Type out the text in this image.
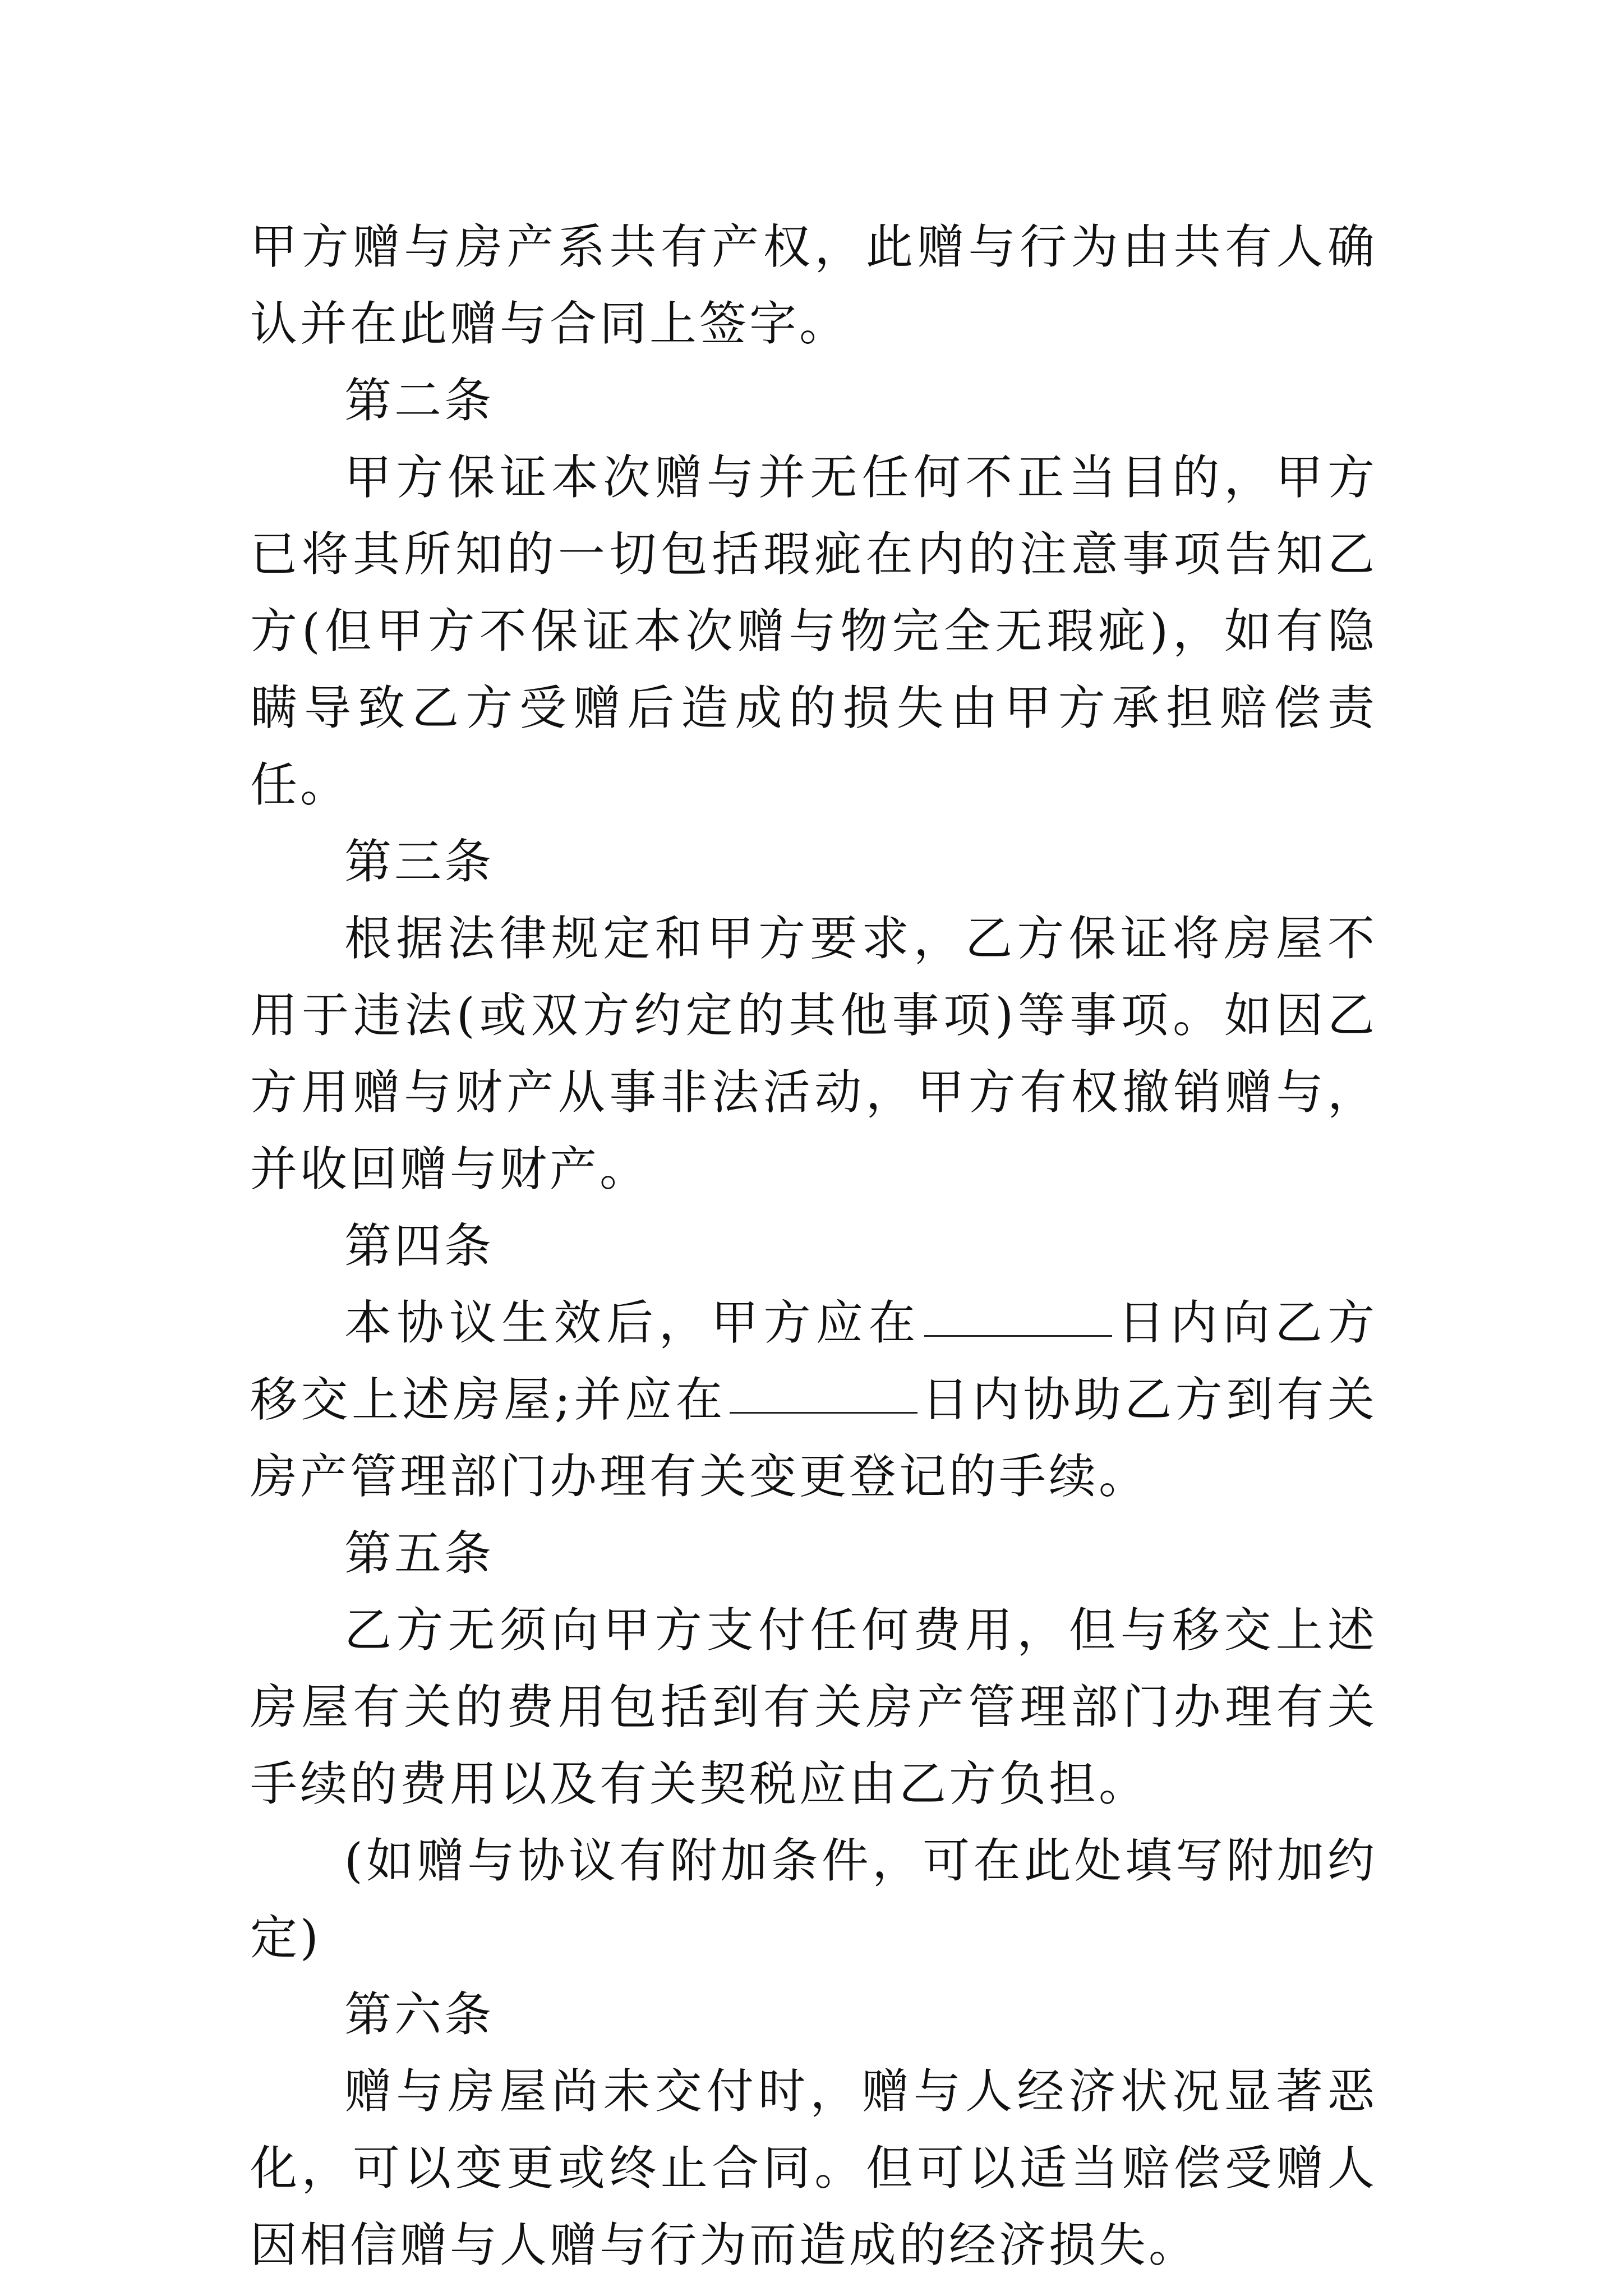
甲方赠与房产系共有产权，此赠与行为由共有人确认并在此赠与合同上签字。

第二条

甲方保证本次赠与并无任何不正当目的，甲方已将其所知的一切包括瑕疵在内的注意事项告知乙方(但甲方不保证本次赠与物完全无瑕疵)，如有隐瞒导致乙方受赠后造成的损失由甲方承担赔偿责任。

第三条

根据法律规定和甲方要求，乙方保证将房屋不用于违法(或双方约定的其他事项)等事项。如因乙方用赠与财产从事非法活动，甲方有权撤销赠与，并收回赠与财产。

第四条

本协议生效后，甲方应在	日内向乙方移交上述房屋;并应在	日内协助乙方到有关房产管理部门办理有关变更登记的手续。

第五条

乙方无须向甲方支付任何费用，但与移交上述房屋有关的费用包括到有关房产管理部门办理有关手续的费用以及有关契税应由乙方负担。

(如赠与协议有附加条件，可在此处填写附加约定)

第六条

赠与房屋尚未交付时，赠与人经济状况显著恶化，可以变更或终止合同。但可以适当赔偿受赠人因相信赠与人赠与行为而造成的经济损失。
